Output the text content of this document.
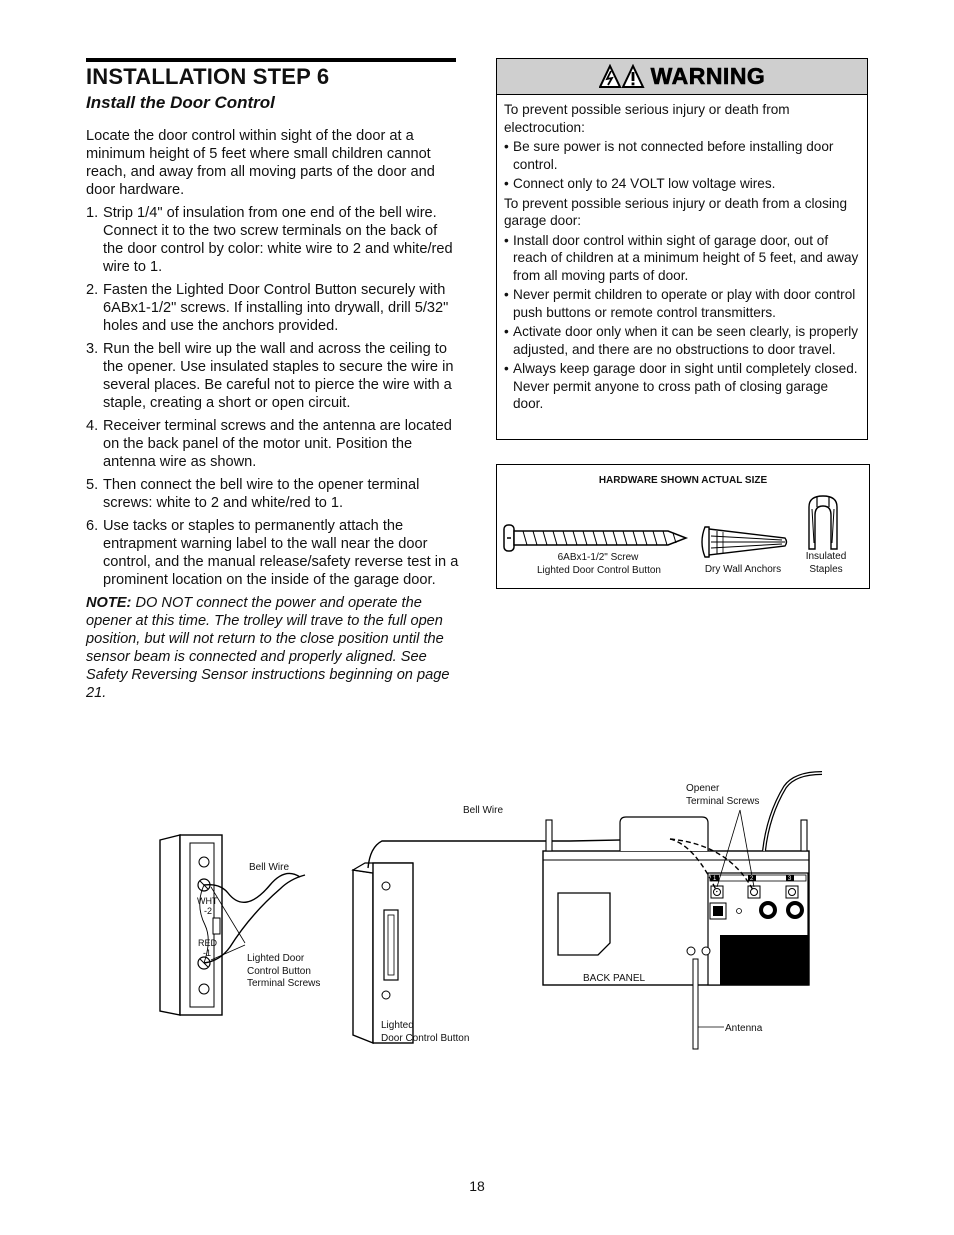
INSTALLATION STEP 6
Install the Door Control

Locate the door control within sight of the door at a minimum height of 5 feet where small children cannot reach, and away from all moving parts of the door and door hardware.

1. Strip 1/4" of insulation from one end of the bell wire. Connect it to the two screw terminals on the back of the door control by color: white wire to 2 and white/red wire to 1.
2. Fasten the Lighted Door Control Button securely with 6ABx1-1/2" screws. If installing into drywall, drill 5/32" holes and use the anchors provided.
3. Run the bell wire up the wall and across the ceiling to the opener. Use insulated staples to secure the wire in several places. Be careful not to pierce the wire with a staple, creating a short or open circuit.
4. Receiver terminal screws and the antenna are located on the back panel of the motor unit. Position the antenna wire as shown.
5. Then connect the bell wire to the opener terminal screws: white to 2 and white/red to 1.
6. Use tacks or staples to permanently attach the entrapment warning label to the wall near the door control, and the manual release/safety reverse test in a prominent location on the inside of the garage door.

NOTE: DO NOT connect the power and operate the opener at this time. The trolley will trave to the full open position, but will not return to the close position until the sensor beam is connected and properly aligned. See Safety Reversing Sensor instructions beginning on page 21.

WARNING

To prevent possible serious injury or death from electrocution:

• Be sure power is not connected before installing door control.
• Connect only to 24 VOLT low voltage wires.

To prevent possible serious injury or death from a closing garage door:

• Install door control within sight of garage door, out of reach of children at a minimum height of 5 feet, and away from all moving parts of door.
• Never permit children to operate or play with door control push buttons or remote control transmitters.
• Activate door only when it can be seen clearly, is properly adjusted, and there are no obstructions to door travel.
• Always keep garage door in sight until completely closed. Never permit anyone to cross path of closing garage door.
HARDWARE SHOWN ACTUAL SIZE
6ABx1-1/2" Screw
Lighted Door Control Button	Dry Wall Anchors
Insulated
Staples
Bell Wire
Bell Wire
WHT
-2
RED
-1	Lighted Door
Control Button
Terminal Screws
Lighted
Door Control Button
Opener
Terminal Screws
BACK PANEL
Antenna
1	2	3
18
